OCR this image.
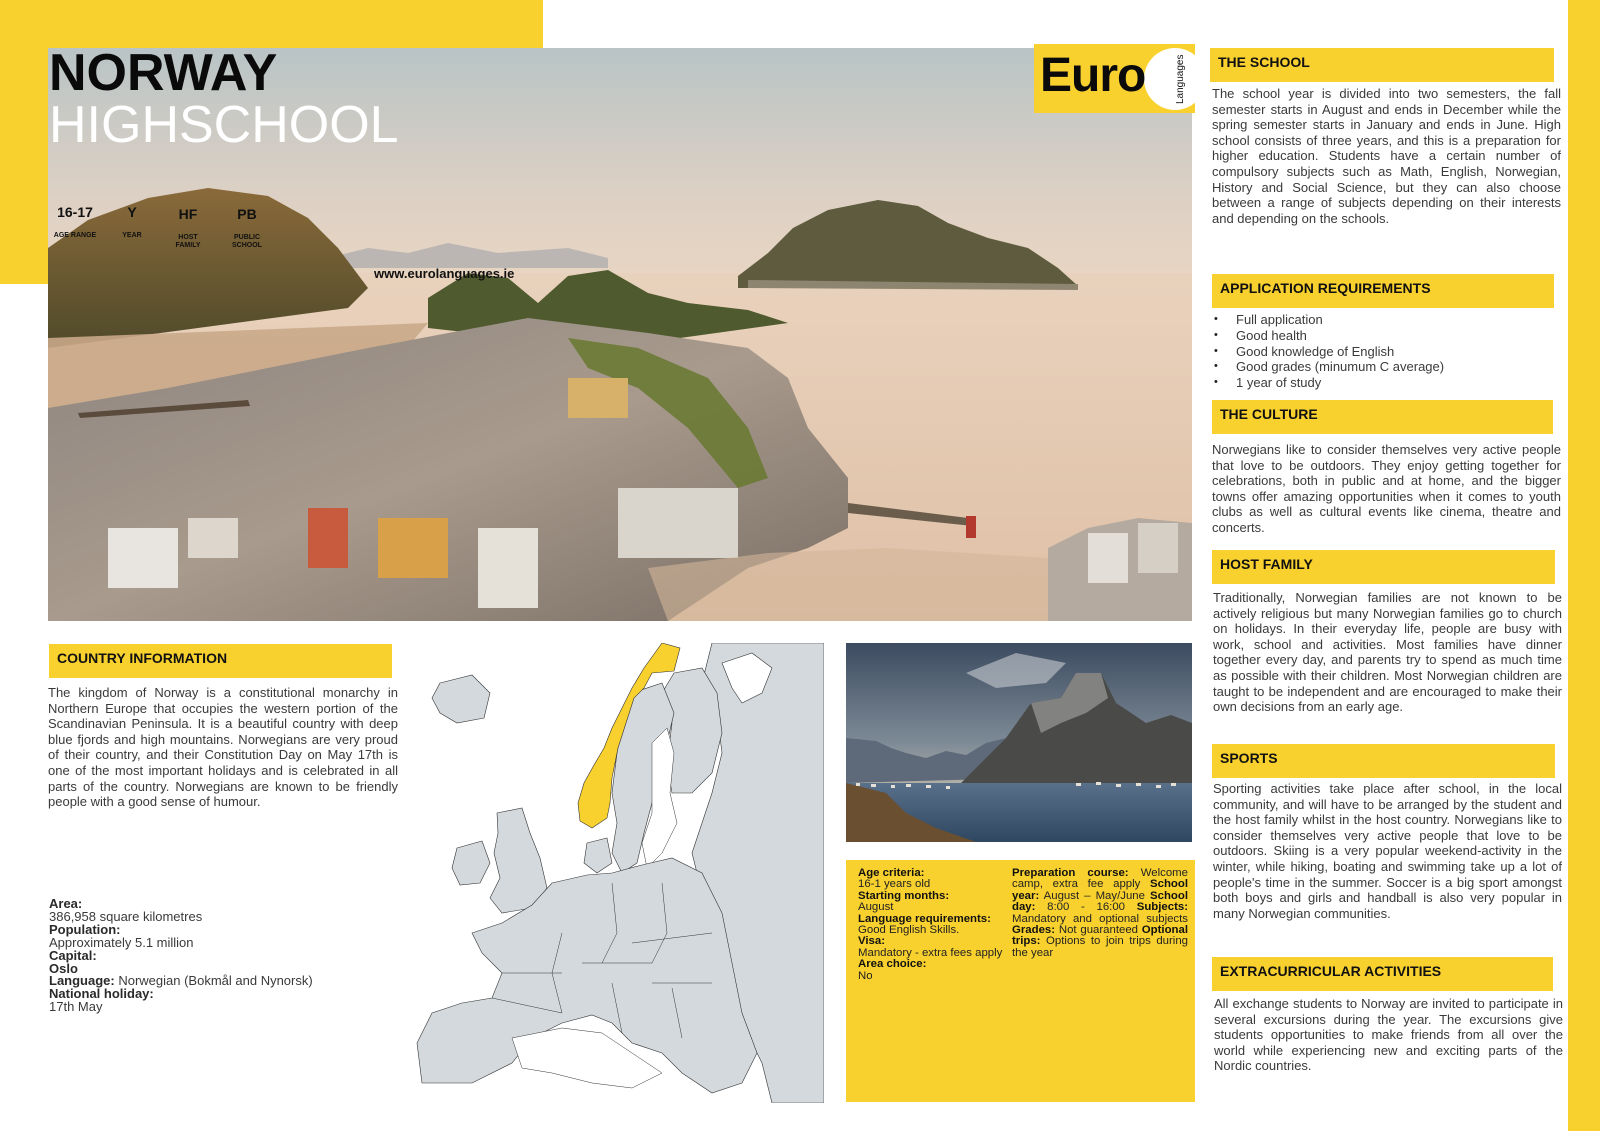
NORWAY
HIGHSCHOOL
16-17
AGE RANGE
Y
YEAR
HF
HOST FAMILY
PB
PUBLIC SCHOOL
www.eurolanguages.ie
Euro	Languages	THE SCHOOL
The school year is divided into two semesters, the fall semester starts in August and ends in December while the spring semester starts in January and ends in June. High school consists of three years, and this is a preparation for higher education. Students have a certain number of compulsory subjects such as Math, English, Norwegian, History and Social Science, but they can also choose between a range of subjects depending on their interests and depending on the schools.
APPLICATION REQUIREMENTS
• Full application
• Good health
• Good knowledge of English
• Good grades (minumum C average)
• 1 year of study
THE CULTURE
Norwegians like to consider themselves very active people that love to be outdoors. They enjoy getting together for celebrations, both in public and at home, and the bigger towns offer amazing opportunities when it comes to youth clubs as well as cultural events like cinema, theatre and concerts.
HOST FAMILY
Traditionally, Norwegian families are not known to be actively religious but many Norwegian families go to church on holidays. In their everyday life, people are busy with work, school and activities. Most families have dinner together every day, and parents try to spend as much time as possible with their children. Most Norwegian children are taught to be independent and are encouraged to make their own decisions from an early age.
SPORTS
Sporting activities take place after school, in the local community, and will have to be arranged by the student and the host family whilst in the host country. Norwegians like to consider themselves very active people that love to be outdoors. Skiing is a very popular weekend-activity in the winter, while hiking, boating and swimming take up a lot of people's time in the summer. Soccer is a big sport amongst both boys and girls and handball is also very popular in many Norwegian communities.
EXTRACURRICULAR ACTIVITIES
All exchange students to Norway are invited to participate in several excursions during the year. The excursions give students opportunities to make friends from all over the world while experiencing new and exciting parts of the Nordic countries.
COUNTRY INFORMATION
The kingdom of Norway is a constitutional monarchy in Northern Europe that occupies the western portion of the Scandinavian Peninsula. It is a beautiful country with deep blue fjords and high mountains. Norwegians are very proud of their country, and their Constitution Day on May 17th is one of the most important holidays and is celebrated in all parts of the country. Norwegians are known to be friendly people with a good sense of humour.
Area:
386,958 square kilometres
Population:
Approximately 5.1 million
Capital:
Oslo
Language: Norwegian (Bokmål and Nynorsk)
National holiday:
17th May
Age criteria:
16-1 years old
Starting months:
August
Language requirements:
Good English Skills.
Visa:
Mandatory - extra fees apply
Area choice:
No
Preparation course: Welcome camp, extra fee apply School year: August – May/June School day: 8:00 - 16:00 Subjects: Mandatory and optional subjects Grades: Not guaranteed Optional trips: Options to join trips during the year
